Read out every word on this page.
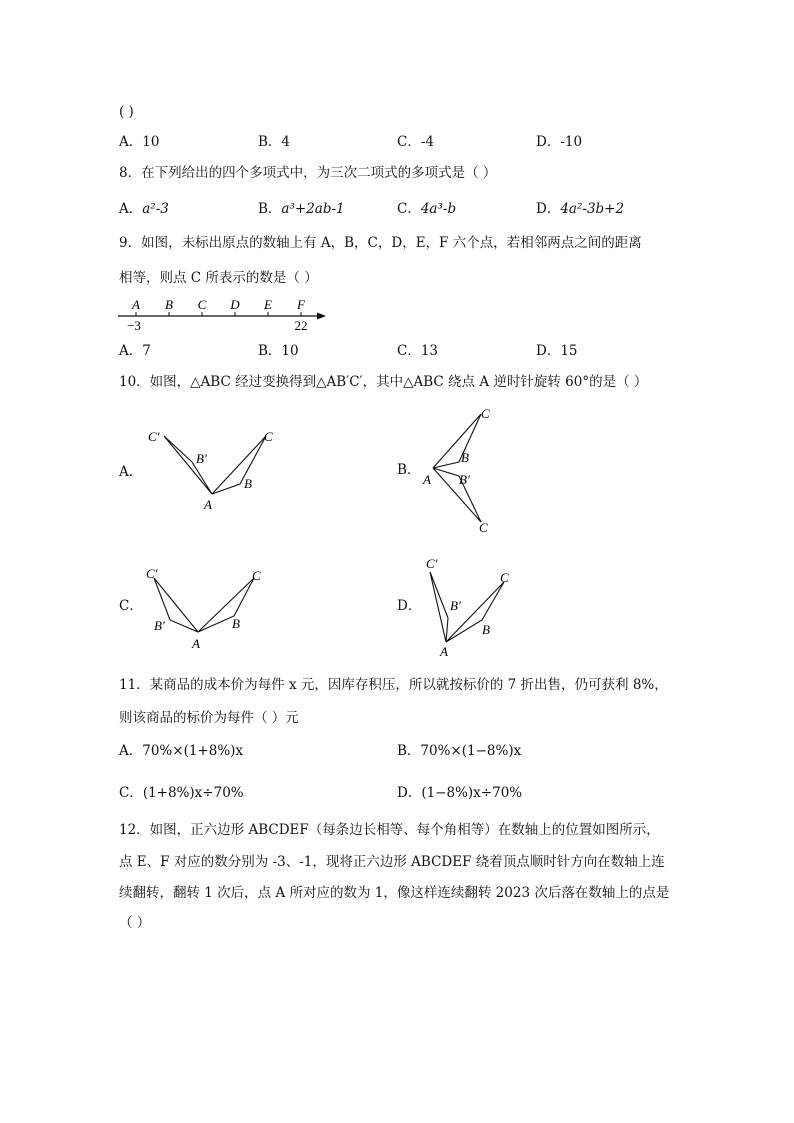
( )
A．10	B．4	C．-4	D．-10
8．在下列给出的四个多项式中，为三次二项式的多项式是（ ）
A．a²-3	B．a³+2ab-1	C．4a³-b	D．4a²-3b+2
9．如图，未标出原点的数轴上有 A，B，C，D，E，F 六个点，若相邻两点之间的距离
相等，则点 C 所表示的数是（ ）
A B C D E F
−3	22
A．7	B．10	C．13	D．15
10．如图，△ABC 经过变换得到△AB′C′，其中△ABC 绕点 A 逆时针旋转 60°的是（ ）
A．	B．
C．	D．
C′
B′
C
B
A
C
B
A B′
C
C′
B′
C
B
A
C′
B′
C
B
A
11．某商品的成本价为每件 x 元，因库存积压，所以就按标价的 7 折出售，仍可获利 8%，
则该商品的标价为每件（ ）元
A．70%×(1+8%)x	B．70%×(1−8%)x
C．(1+8%)x÷70%	D．(1−8%)x÷70%
12．如图，正六边形 ABCDEF（每条边长相等、每个角相等）在数轴上的位置如图所示，
点 E、F 对应的数分别为 -3、-1，现将正六边形 ABCDEF 绕着顶点顺时针方向在数轴上连
续翻转，翻转 1 次后，点 A 所对应的数为 1，像这样连续翻转 2023 次后落在数轴上的点是
（ ）
